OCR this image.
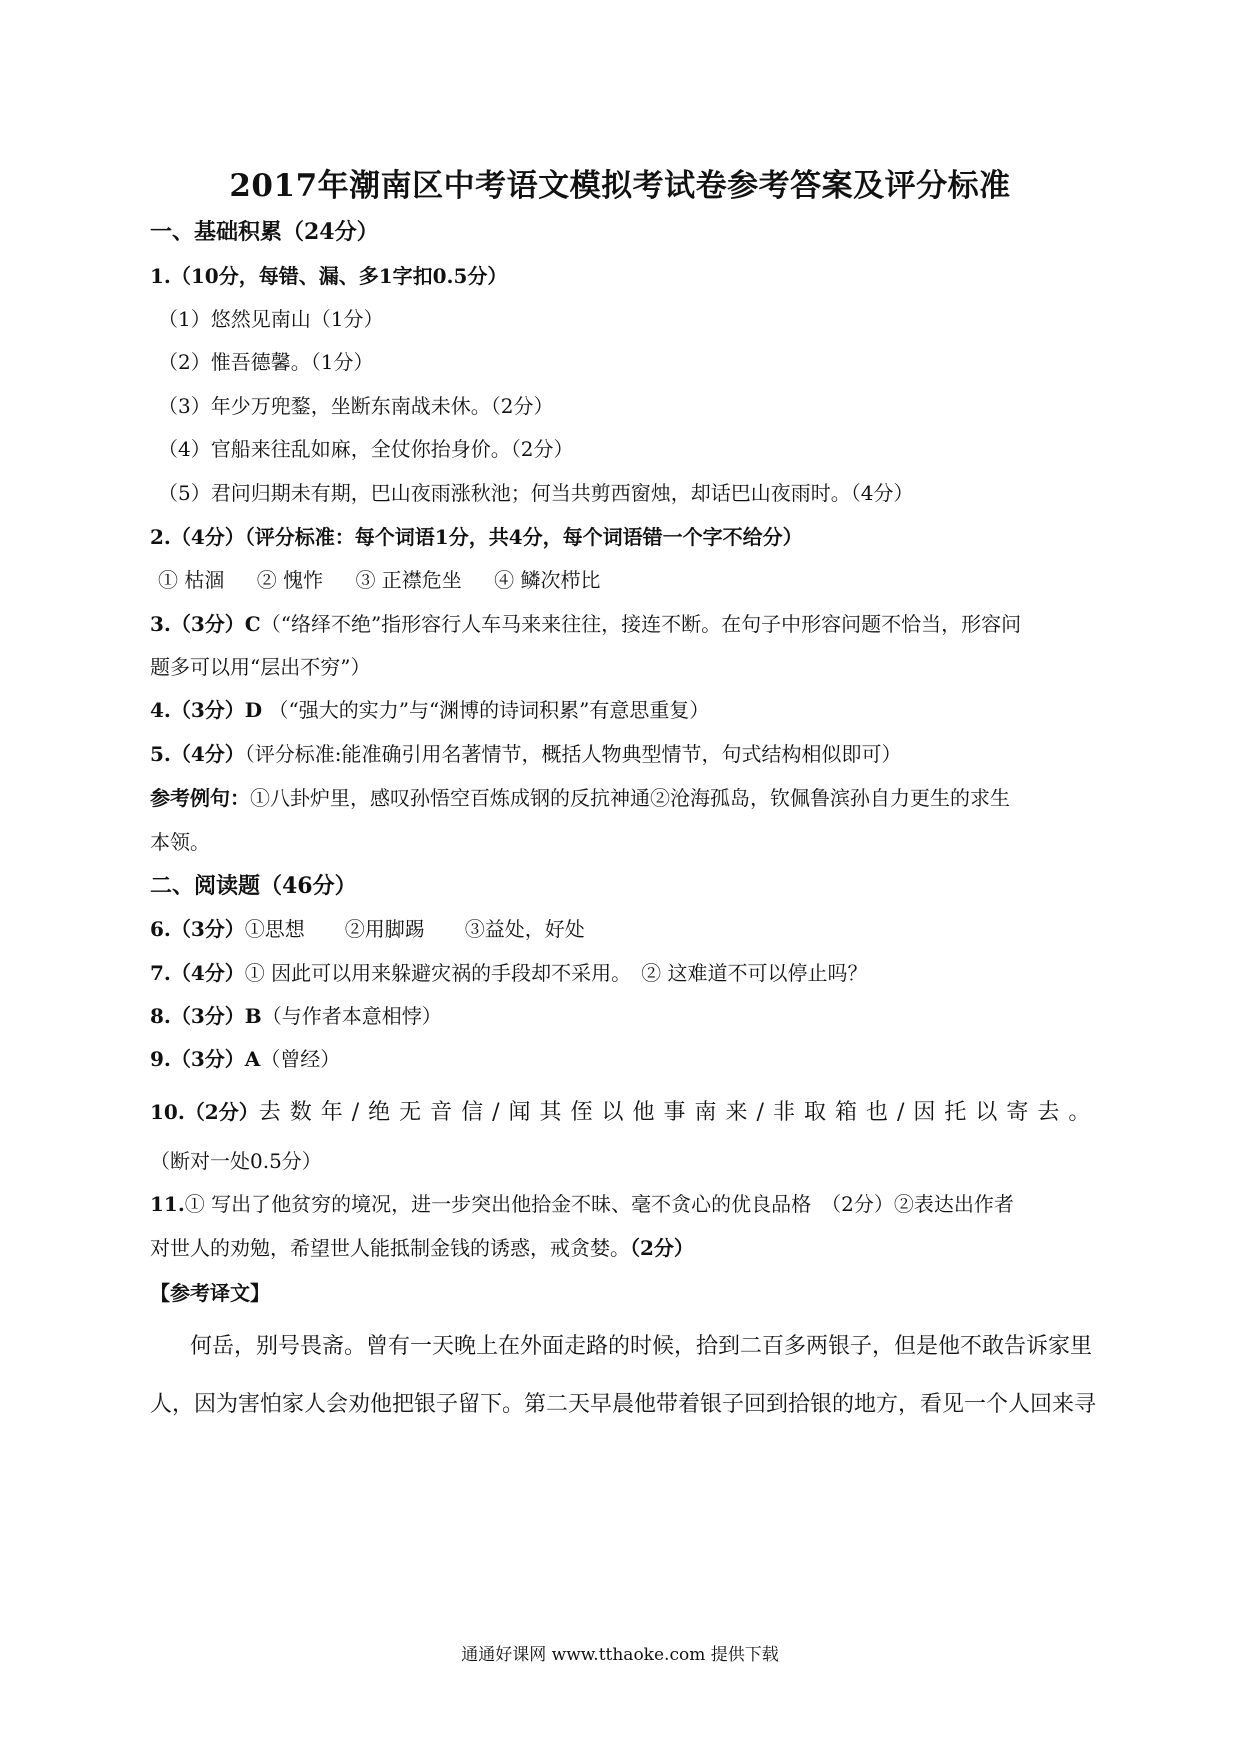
2017年潮南区中考语文模拟考试卷参考答案及评分标准
一、基础积累（24分）
1.（10分，每错、漏、多1字扣0.5分）
（1）悠然见南山（1分）
（2）惟吾德馨。（1分）
（3）年少万兜鍪，坐断东南战未休。（2分）
（4）官船来往乱如麻，全仗你抬身价。（2分）
（5）君问归期未有期，巴山夜雨涨秋池；何当共剪西窗烛，却话巴山夜雨时。（4分）
2.（4分）（评分标准：每个词语1分，共4分，每个词语错一个字不给分）
① 枯涸 ② 愧怍 ③ 正襟危坐 ④ 鳞次栉比
3.（3分）C（“络绎不绝”指形容行人车马来来往往，接连不断。在句子中形容问题不恰当，形容问
题多可以用“层出不穷”）
4.（3分）D （“强大的实力”与“渊博的诗词积累”有意思重复）
5.（4分）（评分标准:能准确引用名著情节，概括人物典型情节，句式结构相似即可）
参考例句：①八卦炉里，感叹孙悟空百炼成钢的反抗神通②沧海孤岛，钦佩鲁滨孙自力更生的求生
本领。
二、阅读题（46分）
6.（3分）①思想　　②用脚踢　　③益处，好处
7.（4分）① 因此可以用来躲避灾祸的手段却不采用。　② 这难道不可以停止吗？
8.（3分）B（与作者本意相悖）
9.（3分）A（曾经）
10.（2分）去数年/绝无音信/闻其侄以他事南来/非取箱也/因托以寄去。
（断对一处0.5分）
11.① 写出了他贫穷的境况，进一步突出他拾金不昧、毫不贪心的优良品格　（2分）②表达出作者
对世人的劝勉，希望世人能抵制金钱的诱惑，戒贪婪。（2分）
【参考译文】
何岳，别号畏斋。曾有一天晚上在外面走路的时候，拾到二百多两银子，但是他不敢告诉家里
人，因为害怕家人会劝他把银子留下。第二天早晨他带着银子回到拾银的地方，看见一个人回来寻
通通好课网 www.tthaoke.com 提供下载
